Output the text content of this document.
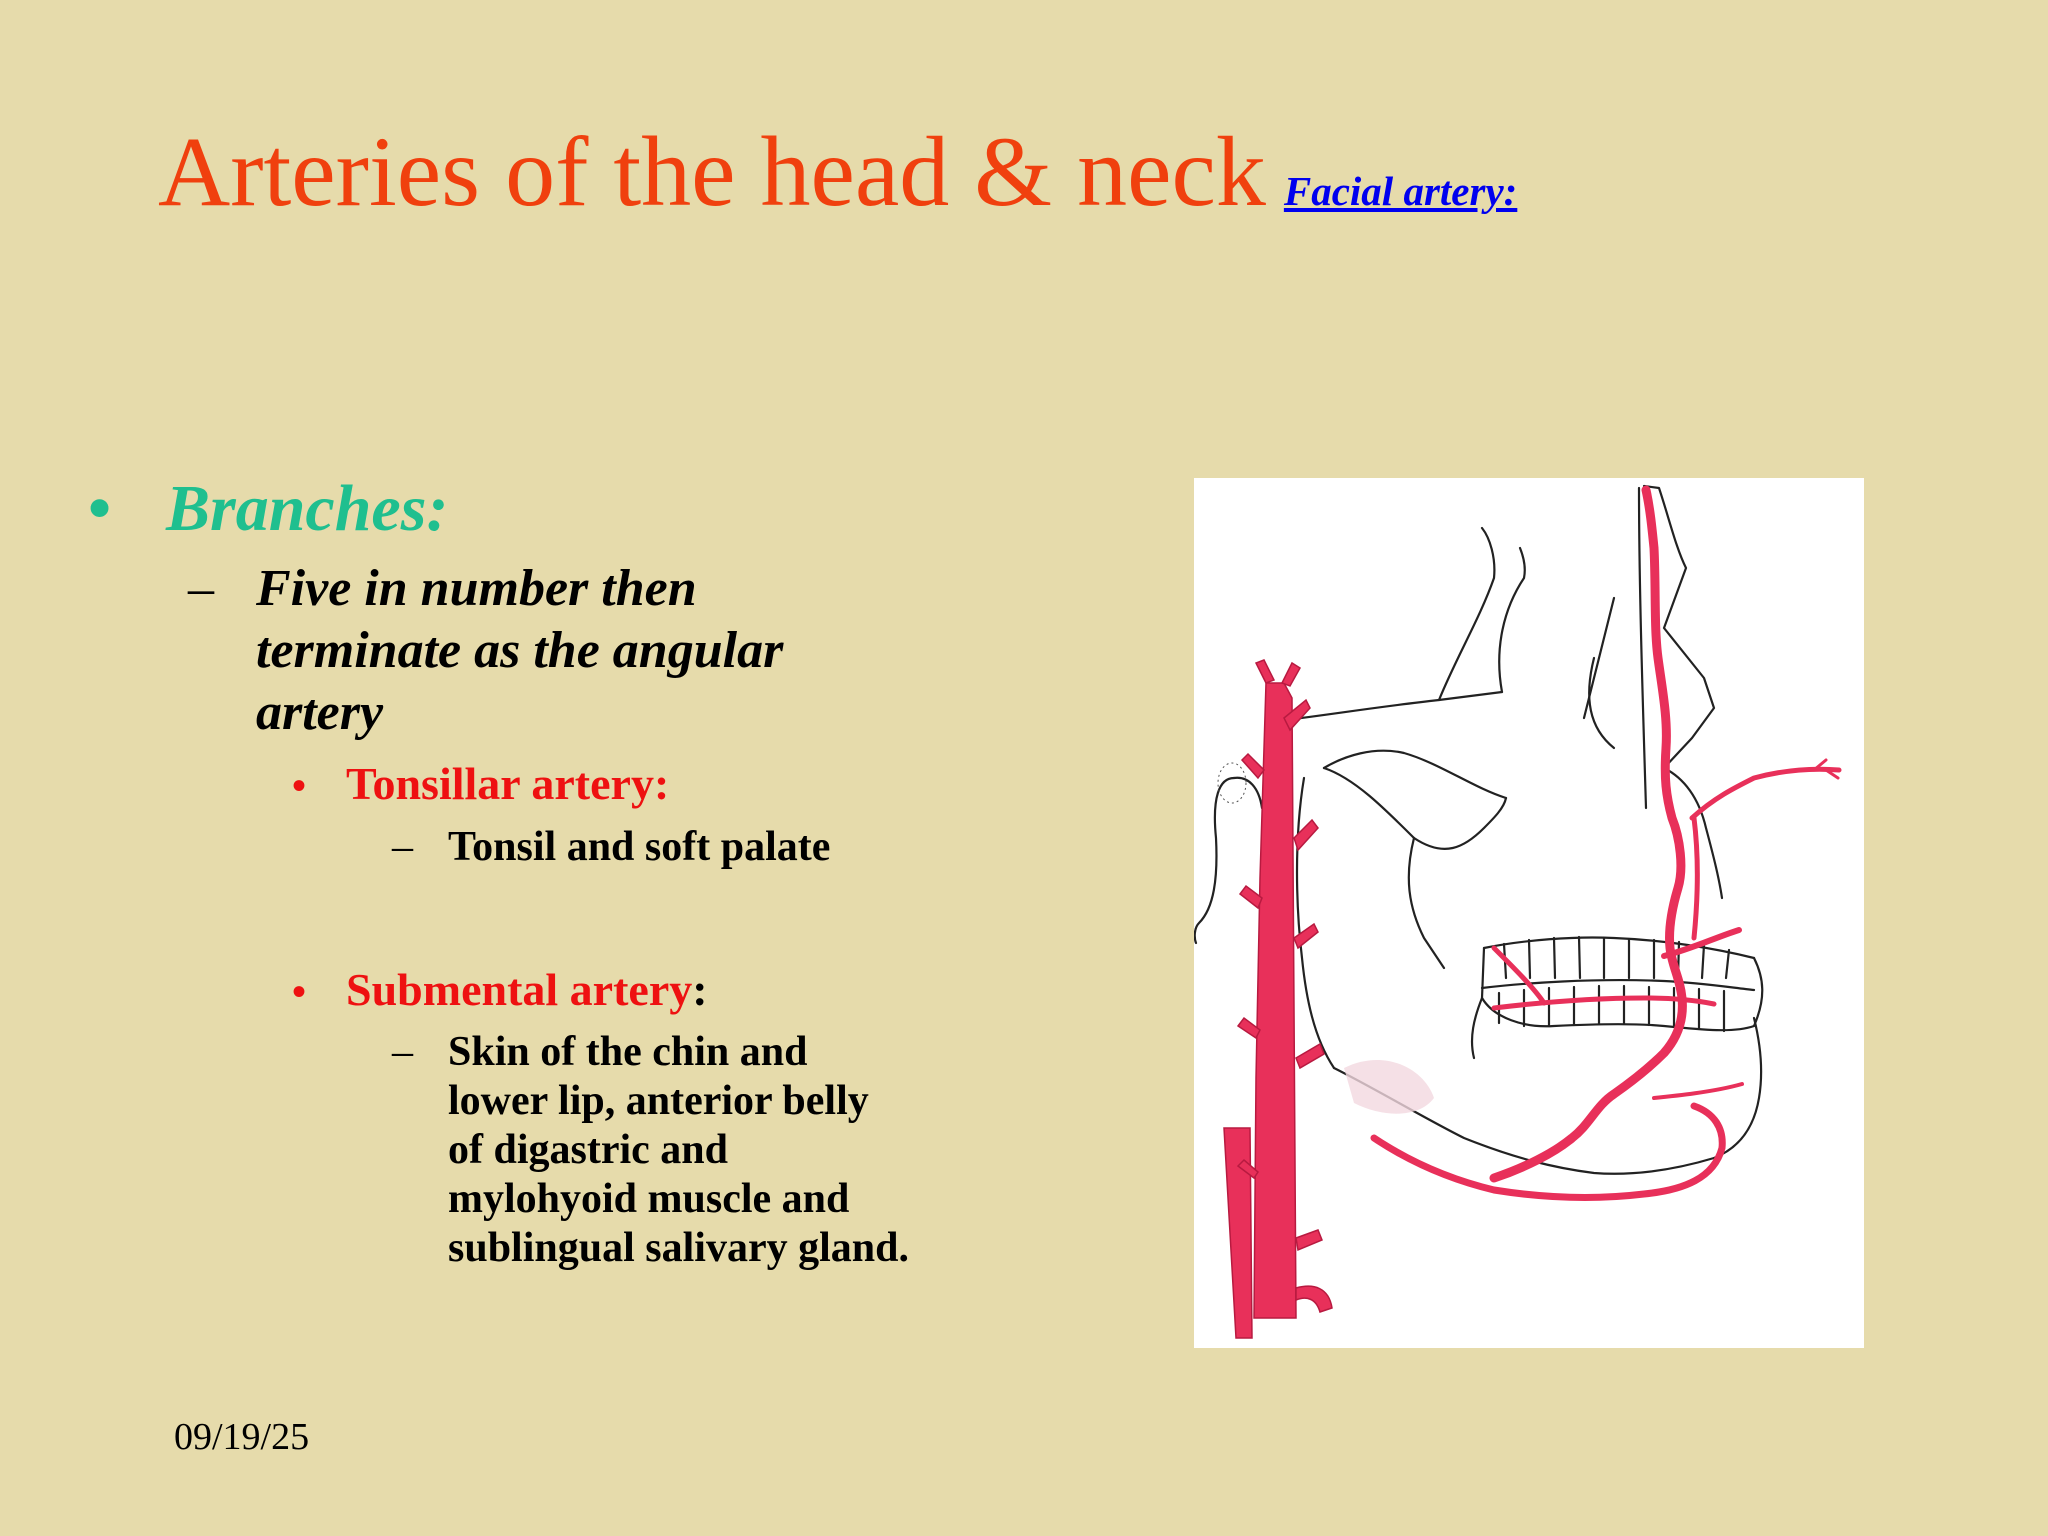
Arteries of the head & neck Facial artery:
• Branches:
– Five in number then terminate as the angular artery
• Tonsillar artery:
– Tonsil and soft palate
• Submental artery:
– Skin of the chin and lower lip, anterior belly of digastric and mylohyoid muscle and sublingual salivary gland.
09/19/25
